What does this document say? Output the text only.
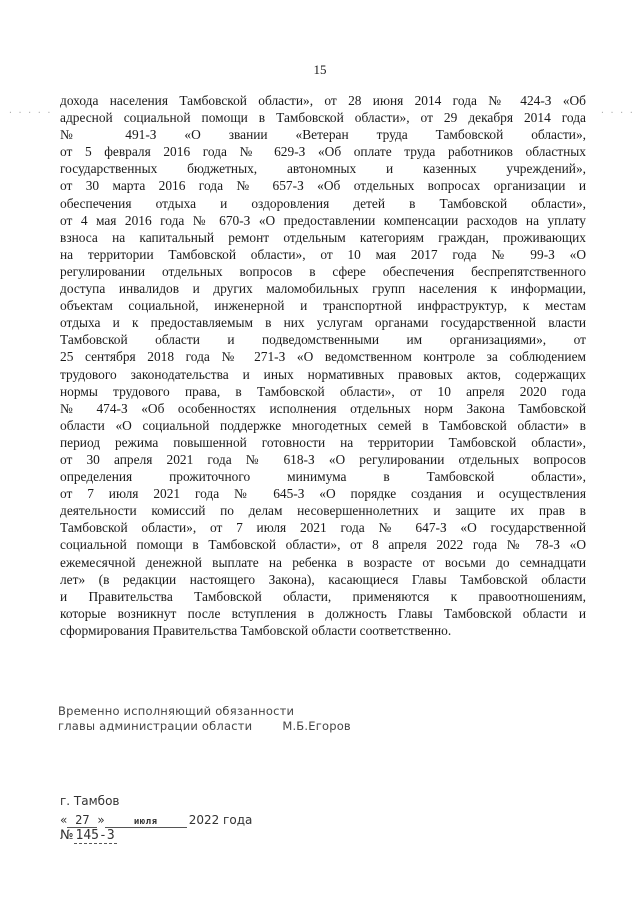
· · · · ·	· · · ·
15
дохода населения Тамбовской области», от 28 июня 2014 года № 424-З «Об
адресной социальной помощи в Тамбовской области», от 29 декабря 2014 года
№ 491-З «О звании «Ветеран труда Тамбовской области»,
от 5 февраля 2016 года № 629-З «Об оплате труда работников областных
государственных бюджетных, автономных и казенных учреждений»,
от 30 марта 2016 года № 657-З «Об отдельных вопросах организации и
обеспечения отдыха и оздоровления детей в Тамбовской области»,
от 4 мая 2016 года № 670-З «О предоставлении компенсации расходов на уплату
взноса на капитальный ремонт отдельным категориям граждан, проживающих
на территории Тамбовской области», от 10 мая 2017 года № 99-З «О
регулировании отдельных вопросов в сфере обеспечения беспрепятственного
доступа инвалидов и других маломобильных групп населения к информации,
объектам социальной, инженерной и транспортной инфраструктур, к местам
отдыха и к предоставляемым в них услугам органами государственной власти
Тамбовской области и подведомственными им организациями», от
25 сентября 2018 года № 271-З «О ведомственном контроле за соблюдением
трудового законодательства и иных нормативных правовых актов, содержащих
нормы трудового права, в Тамбовской области», от 10 апреля 2020 года
№ 474-З «Об особенностях исполнения отдельных норм Закона Тамбовской
области «О социальной поддержке многодетных семей в Тамбовской области» в
период режима повышенной готовности на территории Тамбовской области»,
от 30 апреля 2021 года № 618-З «О регулировании отдельных вопросов
определения прожиточного минимума в Тамбовской области»,
от 7 июля 2021 года № 645-З «О порядке создания и осуществления
деятельности комиссий по делам несовершеннолетних и защите их прав в
Тамбовской области», от 7 июля 2021 года № 647-З «О государственной
социальной помощи в Тамбовской области», от 8 апреля 2022 года № 78-З «О
ежемесячной денежной выплате на ребенка в возрасте от восьми до семнадцати
лет» (в редакции настоящего Закона), касающиеся Главы Тамбовской области
и Правительства Тамбовской области, применяются к правоотношениям,
которые возникнут после вступления в должность Главы Тамбовской области и
сформирования Правительства Тамбовской области соответственно.
Временно исполняющий обязанности
главы администрации области	М.Б.Егоров
г. Тамбов
« 27 »	июля	2022 года
№ 145-З
